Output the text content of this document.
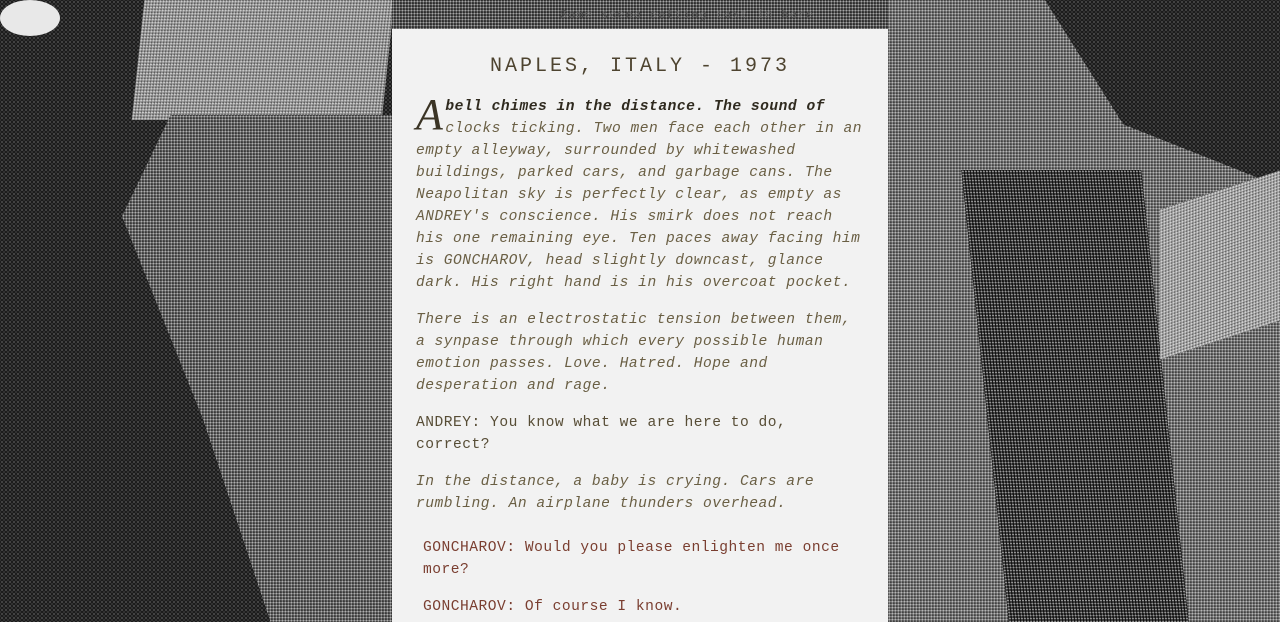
Some scene setting text in here
NAPLES, ITALY - 1973

Abell chimes in the distance. The sound of clocks ticking. Two men face each other in an empty alleyway, surrounded by whitewashed buildings, parked cars, and garbage cans. The Neapolitan sky is perfectly clear, as empty as ANDREY's conscience. His smirk does not reach his one remaining eye. Ten paces away facing him is GONCHAROV, head slightly downcast, glance dark. His right hand is in his overcoat pocket.

There is an electrostatic tension between them, a synpase through which every possible human emotion passes. Love. Hatred. Hope and desperation and rage.

ANDREY: You know what we are here to do, correct?

In the distance, a baby is crying. Cars are rumbling. An airplane thunders overhead.

GONCHAROV: Would you please enlighten me once more?

GONCHAROV: Of course I know.
